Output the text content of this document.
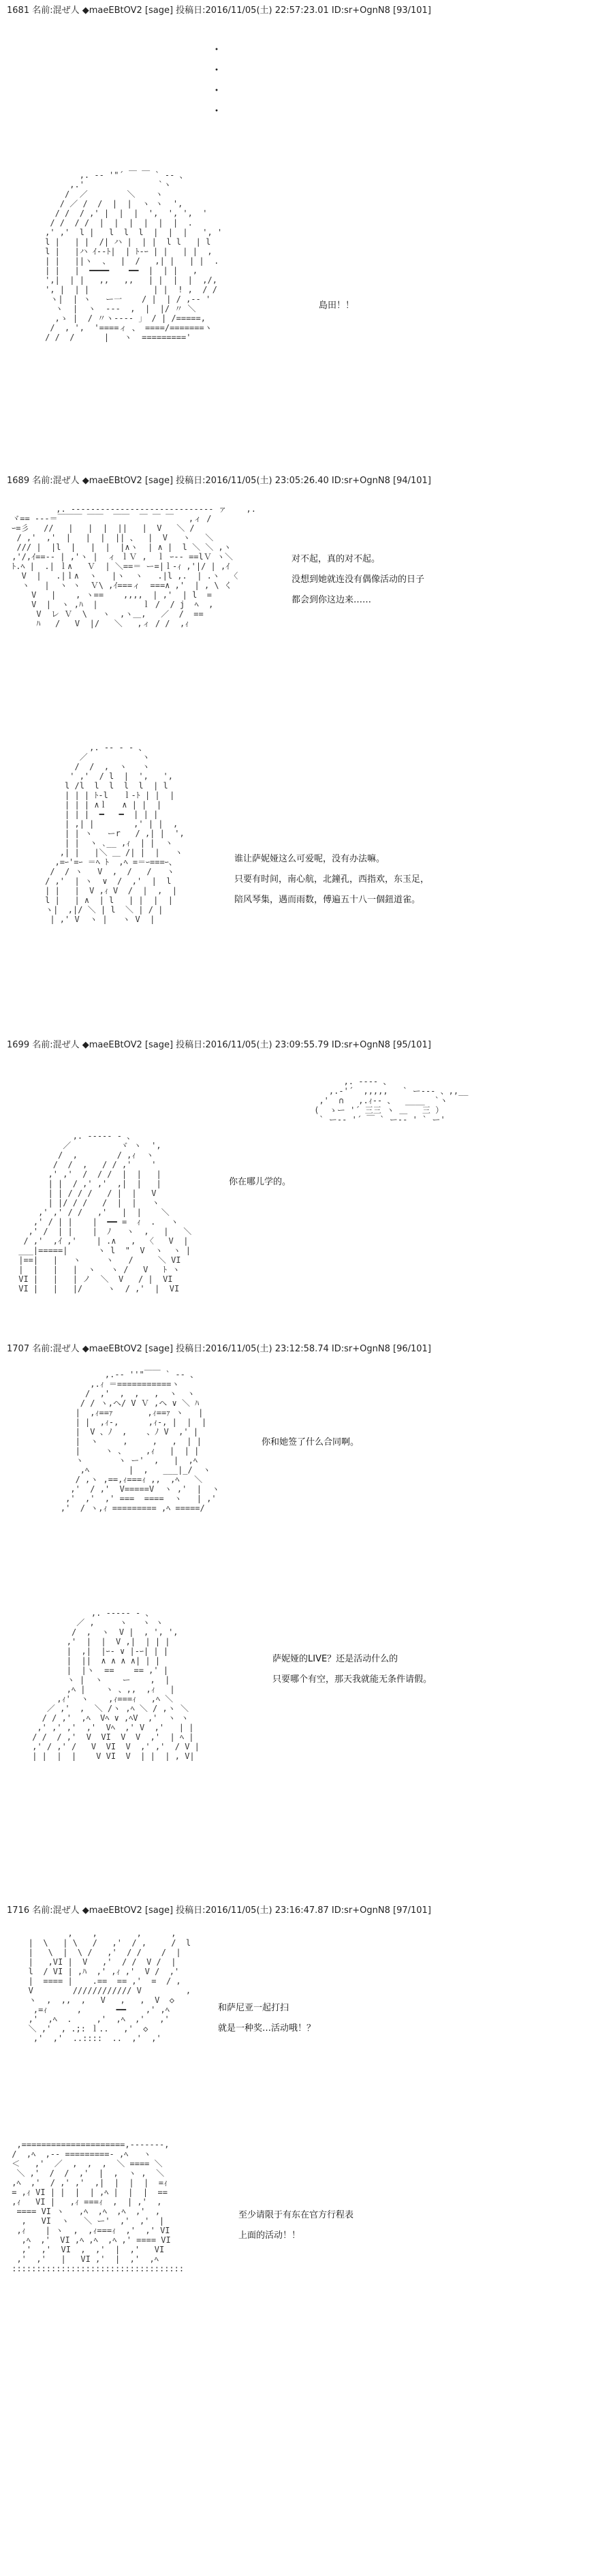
1681 名前:混ぜ人 ◆maeEBtOV2 [sage] 投稿日:2016/11/05(土) 22:57:23.01 ID:sr+OgnN8 [93/101]
・
・
・
・
,. -‐ '"´ ￣ ￣ ` ‐- 、
,.'               `ヽ
/  ／        ＼    ヽ
/ ／ /  /  |  |  ヽ ヽ  ',
/ /  / ,' |  |  |  ',  ', ',  '
/ /  / /  |  |  |  |  |  |  .
,' ,'  l |   l  l  l  |  |  |   ', '
l |   | |  /| ハ |  | |  l l   | l
l |   |ハ ｲ--ﾄ|  | ﾄ-ｰ | |   | |  ,
| |   ||ヽ  、  |  /   ,| |   | |  .
| |   |  ━━━━    ━━  |  | |   ,
',|  | |   ,,   ,,   | |  |  |  ,/,
', |  | |             | |  ! ,  / /
ヽ|  | ヽ   ー一    / |  | / ,-‐ '
ヽ  |  ヽ  ---  ,  |  |/ 〃 ＼
,ゝ |  / 〃ヽ‐--‐ 」 / | /=====,
/  , ',  '====ィ 、 ====/=======ヽ
/ /  /      |   ヽ  ========='

島田！！
1689 名前:混ぜ人 ◆maeEBtOV2 [sage] 投稿日:2016/11/05(土) 23:05:26.40 ID:sr+OgnN8 [94/101]
,. ---‐‐‐‐‐‐-------‐‐‐‐‐---‐‐‐-- ァ    ,.
ヾ== ---＝￣￣￣ ￣￣  ￣￣  ￣ ￣ ￣   ,ィ /
ｰ=彡   //   |   |  |  ||   |  V   ＼ /
/ ,'  ,'  |   |  |  || 、  |  V   ヽ   ＼
/// |  |l  |   |  |  |∧ヽ  | ∧ |  l ＼ ＼ ,ヽ
,'/,ｲ==-‐ | ,'ヽ |  ィ ｌＶ ,  ｌ ｰ-- ==lＶ ヽ＼
ﾄ.ﾍ |  .| ｌ∧   Ｖ  | ＼==＝ ー=|ｌ-ｨ ,'|/ | ,ｲ
V  |   .|ｌ∧  ヽ   |ヽ  ヽ   .|l ,.  | .ヽ  〈
ヽ   |  ヽ ヽ  Ｖ\ ,ｲ===ィ  ===∧ ,'  | , \ く
V   |    , ヽ==    ,,,,  | ,'  | l  =
V  |  ヽ ,ﾊ  |         ｌ /  / j  ﾍ  ,
V  レ Ｖ  \   ヽ  ,ヽ＿,   ／  /  ==
ﾊ   /   V  |/   ＼   ,ィ / /  ,ｨ

对不起，真的对不起。
没想到她就连没有偶像活动的日子
都会到你这边来……
,. -‐ ‐ - 、
／           ヽ
/  /  ,  ヽ   ヽ
' ,'  / l  |  ',   ',
l /l  l  l  l  l  | l
| | | ﾄ-l   ｌ-ﾄ | |  |
| | | ∧ｌ   ∧ | |  |
| | |  ━   ━  | | |
| ,| |        ,' | |  ,
| | ヽ   ーr   / ,| |  ',
| |  ヽ ､__ ,ｨ  | |  ヽ
,| |   |＼ ＿ /| |  |   ヽ
,=ｰ'=ｰ ＝ﾍ ﾄ  ,ﾍ =＝ｰ===ｰ、
/  / ヽ   V  ,  /   /   ヽ
/ ,'  | ヽ  ∨  /  ,'  |  l
| |   |  V ,ｨ V  /  |  ,  |
l |   | ∧  | l   | |  |  |
ヽ|  ,|/ ＼ | l  ＼ | / |
| ,' V  ヽ |   ヽ V  |

谁让萨妮娅这么可爱呢，没有办法嘛。
只要有时间，南心航，北鐘孔，西指欢，东玉足，
陪风琴集，遇而雨数，傅遍五十八一個鈕道雀。
1699 名前:混ぜ人 ◆maeEBtOV2 [sage] 投稿日:2016/11/05(土) 23:09:55.79 ID:sr+OgnN8 [95/101]
,. ---- 、
,.-'´  ,,,,,   ` ー--- 、,,__
,'  ∩   ,.ｨ-- 、  ____  `ヽ
(  ゝー '´ 三三 ヽ ＿   三 ）
` ー-- '´ ￣ ` ー-- ' ` ー'

,. -‐‐‐‐ - 、
／          ヾ ヽ  ',
/  ,        / ,ｨ  ヽ
/  /  ,   / / ,'    '
,' ,'  /  / /  |  |   |
| |  / ,' ,'  ,|  |   |
| | / / /   / |  |   V
| |/ / /   /  |  |   ヽ
,' ,' / /   ,'   |  |    ＼
,' / | |    |  ━━ =  ｨ  .   ヽ
,' /  | |    |  ﾉ   ヽ  ,   |   ＼
/ ,'  ,ｲ ,'    | .∧   ,  〈   V  |
___|=====|      ヽ l  "  V  ヽ  ヽ |
|==|   |   ヽ     ヽ   /     ＼ VI
|  |   |   |  ヽ   ヽ /   V   ﾄ ヽ
VI |   |   | ノ  ＼  V   / |  VI
VI |   |   |/     ヽ  / ,'  |  VI

你在哪儿学的。
1707 名前:混ぜ人 ◆maeEBtOV2 [sage] 投稿日:2016/11/05(土) 23:12:58.74 ID:sr+OgnN8 [96/101]
,.-‐ ''"￣￣ ` ‐- 、
,.ｨ ＝===========ヽ
/  ,'  ,  ,   ,  ヽ  ヽ
/ / ヽ,ヘ/ V Ｖ ,ヘ ∨ ＼ ﾊ
|  ,ｨ==ｧ       ,ｨ==ｧ ヽ   |
| |  ,ｨ-,      ,ｨ-, |  |  |
|  V 、ﾉ  ,    、ﾉ V  ,' |
|  ヽ     ,     ,   ,  | |
|     ヽ 、    ,ｨ   |  | |
ヽ       ヽ ー'  ,   |  ,ﾍ
,ﾍ        |  ,   ___|_/  ヽ
/ ,ヽ ,==,ｨ===ｨ ,,  ,ﾍ   ＼
,'  / ,'  V=====V  ヽ ,'  |  ヽ
,'  ,'  ,' ===  ====  ヽ   | ,'
,'  / ヽ,ｨ ========= ,ﾍ =====/

你和她签了什么合同啊。
,. -‐‐‐‐ - 、
／ ,     ヽ   ヽ ヽ
/  ,  ヽ  V |  , ', ',
,'  |  |  V ,|  | | |
|  ,|  |ｰ- ∨ |-ｰ| | |
|  ||  ∧ ∧ ∧ ∧| | |
|  |ヽ  ==    == ,' |
ヽ |  ヽ    ー    ,  |
,ﾍ |    ヽ 、,,  ,ｨ   |
,ｨ'  ヽ    ,ｨ===ｨ   ,ﾍ ＼
／ ,'  ,  ＼ /ヽ ,ﾍ ＼ / ,ヽ ＼
/ / ,'  ,ﾍ  Vﾍ ∨ ,ﾍV  ,'  ヽ ヽ
,' ,' ,'  ,'  Vﾍ  ,' V  ,'   | |
/ /  / ,'  V  VI  V  V  ,'  | ﾍ |
,' / ,' /   V  VI  V  ,' ,'  / V |
| |  |  |    V VI  V  | |  | , V|

萨妮娅的LIVE？还是活动什么的
只要哪个有空，那天我就能无条件请假。
1716 名前:混ぜ人 ◆maeEBtOV2 [sage] 投稿日:2016/11/05(土) 23:16:47.87 ID:sr+OgnN8 [97/101]
,    ,        ,      ,
|  \   | \   /   ,'  / ,     /  l
|   \  |  \ /   ,'  / /    /  |
|   ,VI |  V   ,'  / /  V /  |
l  / VI | ,ﾊ  ,' ,ｨ ,'  V /  ,'
|  ==== |    .==  == ,'  =  / ,
V        //////////// V         ,
ヽ  ,  ,,  ,   V   ,   ,  V  ◇
,=ｨ      ,       ━━    ,' ,ﾍ
,'  ,ﾍ  .     ,'  ,ﾍ  ,'   ,'
＼ ,'  , .;: ｌ..   ,'  ◇
,'  ,'  ..::::  ..  ,'  ,'

和萨尼亚一起打扫
就是一种奖…活动哦！？
,=====================,-‐‐‐‐‐‐,
/  ,ﾍ  ,-‐ =========- ,ﾍ   ヽ
＜   ,'  ／  ,  ,  ,  ＼ ==== ＼
＼ ,'  /  /  ,'  |  ,  ヽ ,  ＼
,ﾍ  ,'  / ,' ,'  ,|  |  |  |  =ｨ
= ,ｨ VI | |  |  | ,ﾍ |  |  |  ==
,ｨ   VI |   ,ｨ ===ｨ  ,  | ,'  ,
==== VI ヽ   ,ﾍ  ,ﾍ  ,ﾍ  ,'  ,
,   VI  ヽ   ＼ ー'  ,'  ,'  |
,ｨ    | ヽ  ,  ,ｨ===ｨ  ,'  ,' VI
,ﾍ  ,'  VI ,ﾍ ,ﾍ  ,ﾍ ,' ==== VI
,'  ,'  VI  ,  ,'  |  ,'   VI
,'  ,'   |   VI ,'  |  ,'  ,ﾍ
:::::::::::::::::::::::::::::::::::

至少请限于有东在官方行程表
上面的活动！！
